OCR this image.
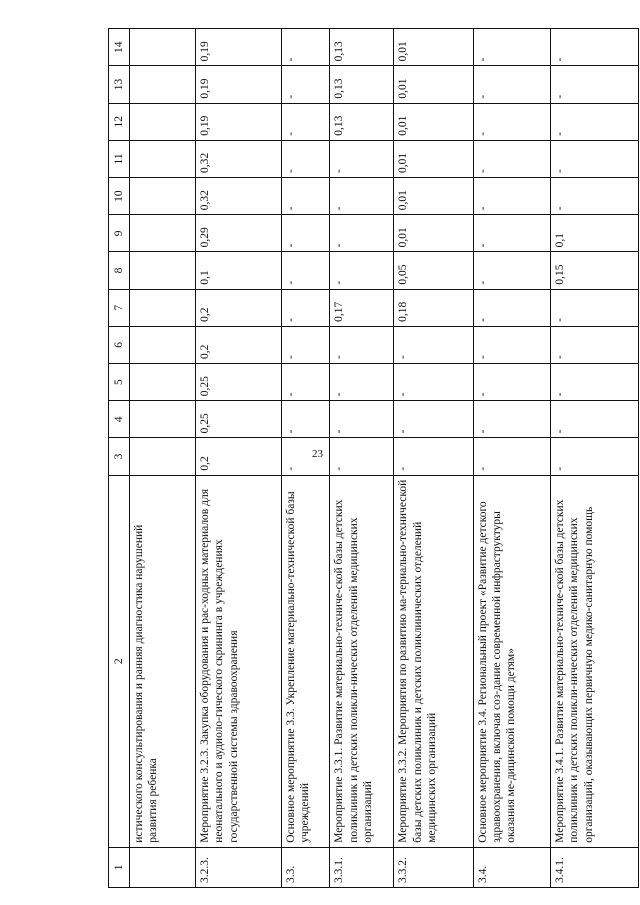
23
1	2	3	4	5	6	7	8	9	10	11	12	13	14
	истического консультирования и ранняя диагностика нарушений развития ребенка												
3.2.3.	Мероприятие 3.2.3. Закупка оборудования и рас-ходных материалов для неонатального и аудиоло-гического скрининга в учреждениях государственной системы здравоохранения	0,2	0,25	0,25	0,2	0,2	0,1	0,29	0,32	0,32	0,19	0,19	0,19
3.3.	Основное мероприятие 3.3. Укрепление материально-технической базы учреждений	-	-	-	-	-	-	-	-	-	-	-	-
3.3.1.	Мероприятие 3.3.1. Развитие материально-техниче-ской базы детских поликлиник и детских поликли-нических отделений медицинских организаций	-	-	-	-	0,17	-	-	-	-	0,13	0,13	0,13
3.3.2.	Мероприятие 3.3.2. Мероприятия по развитию ма-териально-технической базы детских поликлиник и детских поликлинических отделений медицинских организаций	-	-	-	-	0,18	0,05	0,01	0,01	0,01	0,01	0,01	0,01
3.4.	Основное мероприятие 3.4. Региональный проект «Развитие детского здравоохранения, включая соз-дание современной инфраструктуры оказания ме-дицинской помощи детям»	-	-	-	-	-	-	-	-	-	-	-	-
3.4.1.	Мероприятие 3.4.1. Развитие материально-техниче-ской базы детских поликлиник и детских поликли-нических отделений медицинских организаций, оказывающих первичную медико-санитарную помощь	-	-	-	-	-	0,15	0,1	-	-	-	-	-
